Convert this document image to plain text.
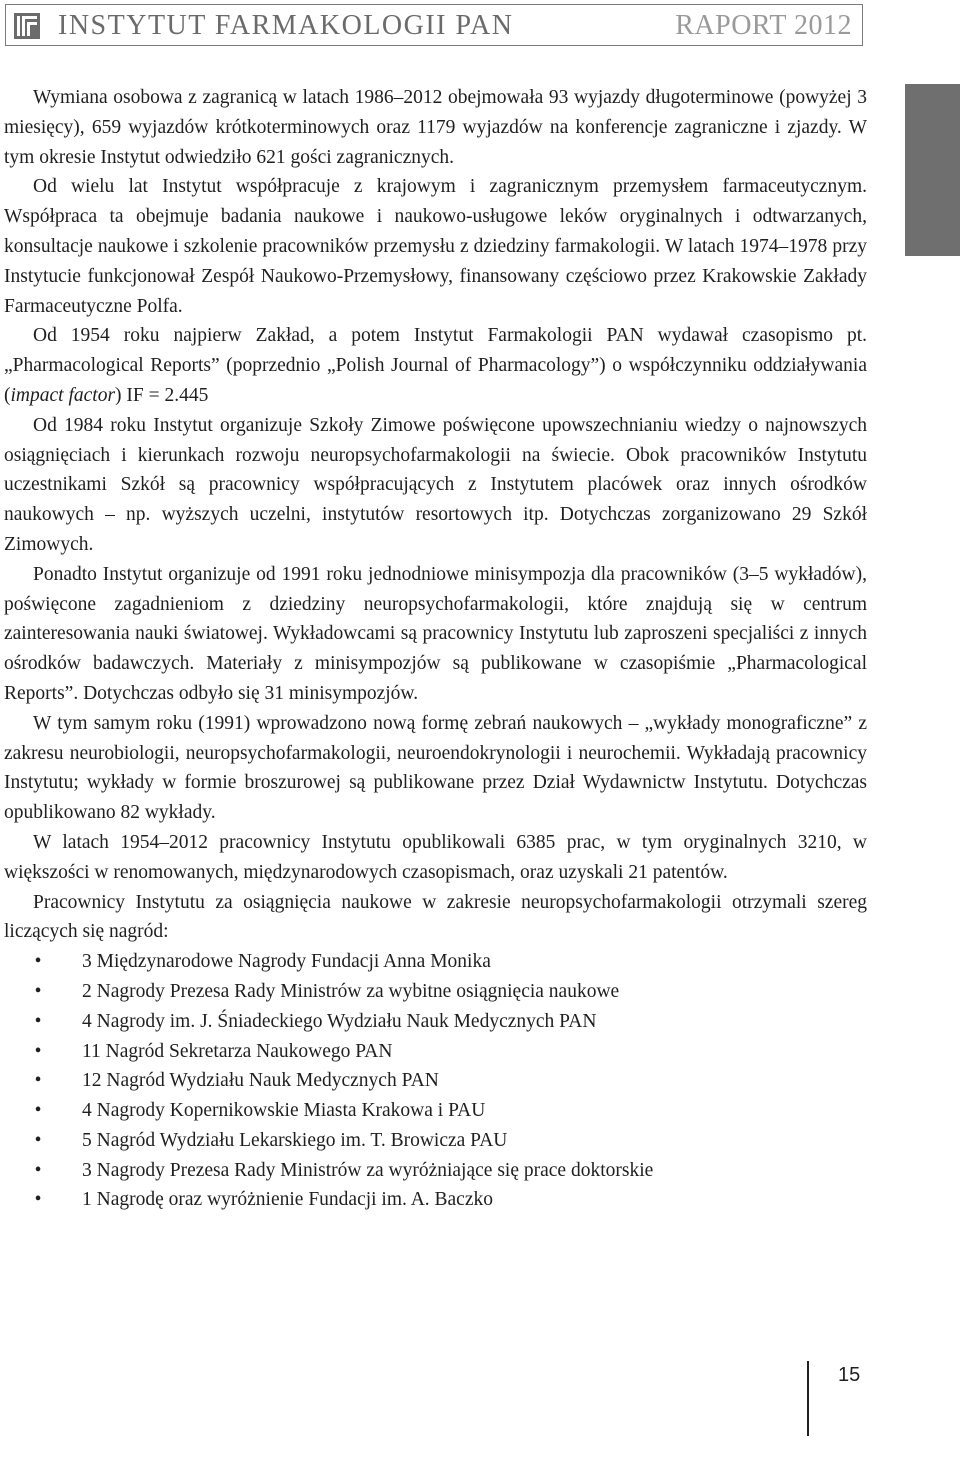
INSTYTUT FARMAKOLOGII PAN	RAPORT 2012

Wymiana osobowa z zagranicą w latach 1986–2012 obejmowała 93 wyjazdy długoterminowe (powyżej 3 miesięcy), 659 wyjazdów krótkoterminowych oraz 1179 wyjazdów na konferencje zagraniczne i zjazdy. W tym okresie Instytut odwiedziło 621 gości zagranicznych.

Od wielu lat Instytut współpracuje z krajowym i zagranicznym przemysłem farmaceutycznym. Współpraca ta obejmuje badania naukowe i naukowo-usługowe leków oryginalnych i odtwarzanych, konsultacje naukowe i szkolenie pracowników przemysłu z dziedziny farmakologii. W latach 1974–1978 przy Instytucie funkcjonował Zespół Naukowo-Przemysłowy, finansowany częściowo przez Krakowskie Zakłady Farmaceutyczne Polfa.

Od 1954 roku najpierw Zakład, a potem Instytut Farmakologii PAN wydawał czasopismo pt. „Pharmacological Reports” (poprzednio „Polish Journal of Pharmacology”) o współczynniku oddziaływania (impact factor) IF = 2.445

Od 1984 roku Instytut organizuje Szkoły Zimowe poświęcone upowszechnianiu wiedzy o najnowszych osiągnięciach i kierunkach rozwoju neuropsychofarmakologii na świecie. Obok pracowników Instytutu uczestnikami Szkół są pracownicy współpracujących z Instytutem placówek oraz innych ośrodków naukowych – np. wyższych uczelni, instytutów resortowych itp. Dotychczas zorganizowano 29 Szkół Zimowych.

Ponadto Instytut organizuje od 1991 roku jednodniowe minisympozja dla pracowników (3–5 wykładów), poświęcone zagadnieniom z dziedziny neuropsychofarmakologii, które znajdują się w centrum zainteresowania nauki światowej. Wykładowcami są pracownicy Instytutu lub zaproszeni specjaliści z innych ośrodków badawczych. Materiały z minisympozjów są publikowane w czasopiśmie „Pharmacological Reports”. Dotychczas odbyło się 31 minisympozjów.

W tym samym roku (1991) wprowadzono nową formę zebrań naukowych – „wykłady monograficzne” z zakresu neurobiologii, neuropsychofarmakologii, neuroendokrynologii i neurochemii. Wykładają pracownicy Instytutu; wykłady w formie broszurowej są publikowane przez Dział Wydawnictw Instytutu. Dotychczas opublikowano 82 wykłady.

W latach 1954–2012 pracownicy Instytutu opublikowali 6385 prac, w tym oryginalnych 3210, w większości w renomowanych, międzynarodowych czasopismach, oraz uzyskali 21 patentów.

Pracownicy Instytutu za osiągnięcia naukowe w zakresie neuropsychofarmakologii otrzymali szereg liczących się nagród:

• 3 Międzynarodowe Nagrody Fundacji Anna Monika
• 2 Nagrody Prezesa Rady Ministrów za wybitne osiągnięcia naukowe
• 4 Nagrody im. J. Śniadeckiego Wydziału Nauk Medycznych PAN
• 11 Nagród Sekretarza Naukowego PAN
• 12 Nagród Wydziału Nauk Medycznych PAN
• 4 Nagrody Kopernikowskie Miasta Krakowa i PAU
• 5 Nagród Wydziału Lekarskiego im. T. Browicza PAU
• 3 Nagrody Prezesa Rady Ministrów za wyróżniające się prace doktorskie
• 1 Nagrodę oraz wyróżnienie Fundacji im. A. Baczko
15
